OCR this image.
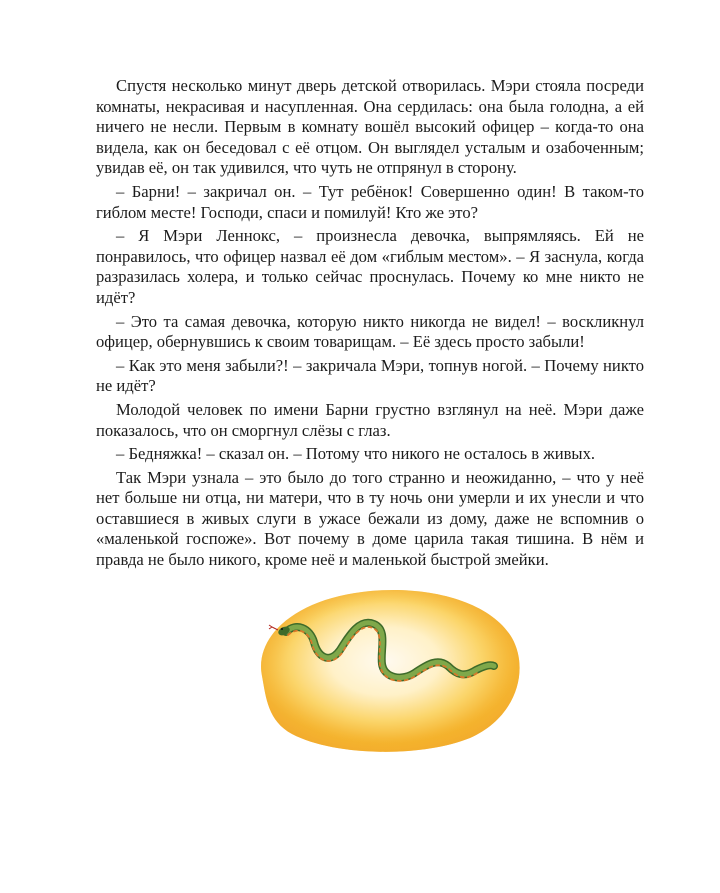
Спустя несколько минут дверь детской отворилась. Мэри стояла посреди комнаты, некрасивая и насупленная. Она сердилась: она была голодна, а ей ничего не несли. Первым в комнату вошёл высокий офицер – когда-то она видела, как он беседовал с её отцом. Он выглядел усталым и озабоченным; увидав её, он так удивился, что чуть не отпрянул в сторону.

– Барни! – закричал он. – Тут ребёнок! Совершенно один! В таком-то гиблом месте! Господи, спаси и помилуй! Кто же это?

– Я Мэри Леннокс, – произнесла девочка, выпрямляясь. Ей не понравилось, что офицер назвал её дом «гиблым местом». – Я заснула, когда разразилась холера, и только сейчас проснулась. Почему ко мне никто не идёт?

– Это та самая девочка, которую никто никогда не видел! – воскликнул офицер, обернувшись к своим товарищам. – Её здесь просто забыли!

– Как это меня забыли?! – закричала Мэри, топнув ногой. – Почему никто не идёт?

Молодой человек по имени Барни грустно взглянул на неё. Мэри даже показалось, что он сморгнул слёзы с глаз.

– Бедняжка! – сказал он. – Потому что никого не осталось в живых.

Так Мэри узнала – это было до того странно и неожиданно, – что у неё нет больше ни отца, ни матери, что в ту ночь они умерли и их унесли и что оставшиеся в живых слуги в ужасе бежали из дому, даже не вспомнив о «маленькой госпоже». Вот почему в доме царила такая тишина. В нём и правда не было никого, кроме неё и маленькой быстрой змейки.
